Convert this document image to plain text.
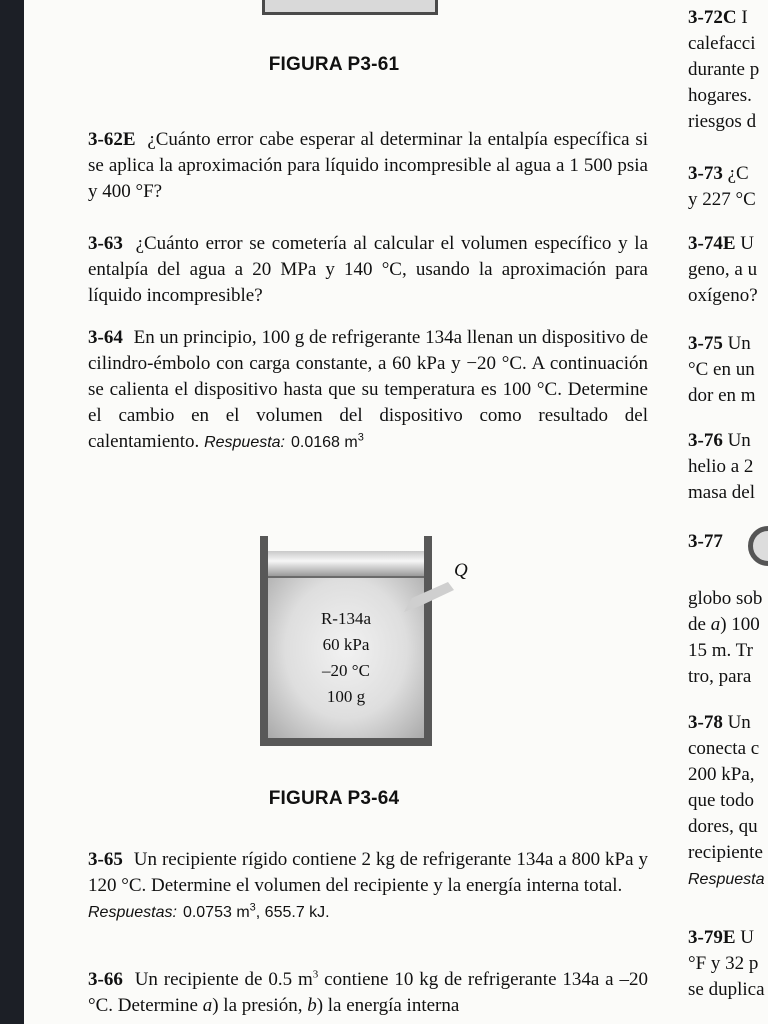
FIGURA P3-61
3-62E ¿Cuánto error cabe esperar al determinar la entalpía específica si se aplica la aproximación para líquido incompresible al agua a 1 500 psia y 400 °F?
3-63 ¿Cuánto error se cometería al calcular el volumen específico y la entalpía del agua a 20 MPa y 140 °C, usando la aproximación para líquido incompresible?
3-64 En un principio, 100 g de refrigerante 134a llenan un dispositivo de cilindro-émbolo con carga constante, a 60 kPa y −20 °C. A continuación se calienta el dispositivo hasta que su temperatura es 100 °C. Determine el cambio en el volumen del dispositivo como resultado del calentamiento. Respuesta: 0.0168 $m^3$
Q
R-134a
60 kPa
–20 °C
100 g
FIGURA P3-64
3-65 Un recipiente rígido contiene 2 kg de refrigerante 134a a 800 kPa y 120 °C. Determine el volumen del recipiente y la energía interna total.
Respuestas: 0.0753 $m^3$, 655.7 kJ.
3-66 Un recipiente de 0.5 $m^3$ contiene 10 kg de refrigerante 134a a –20 °C. Determine a) la presión, b) la energía interna
3-72C I
calefacci
durante p
hogares.
riesgos d
3-73 ¿C
y 227 °C
3-74E U
geno, a u
oxígeno?
3-75 Un
°C en un
dor en m
3-76 Un
helio a 2
masa del
3-77
globo sob
de a) 100
15 m. Tr
tro, para
3-78 Un
conecta c
200 kPa,
que todo
dores, qu
recipiente
Respuesta
3-79E U
°F y 32 p
se duplica
